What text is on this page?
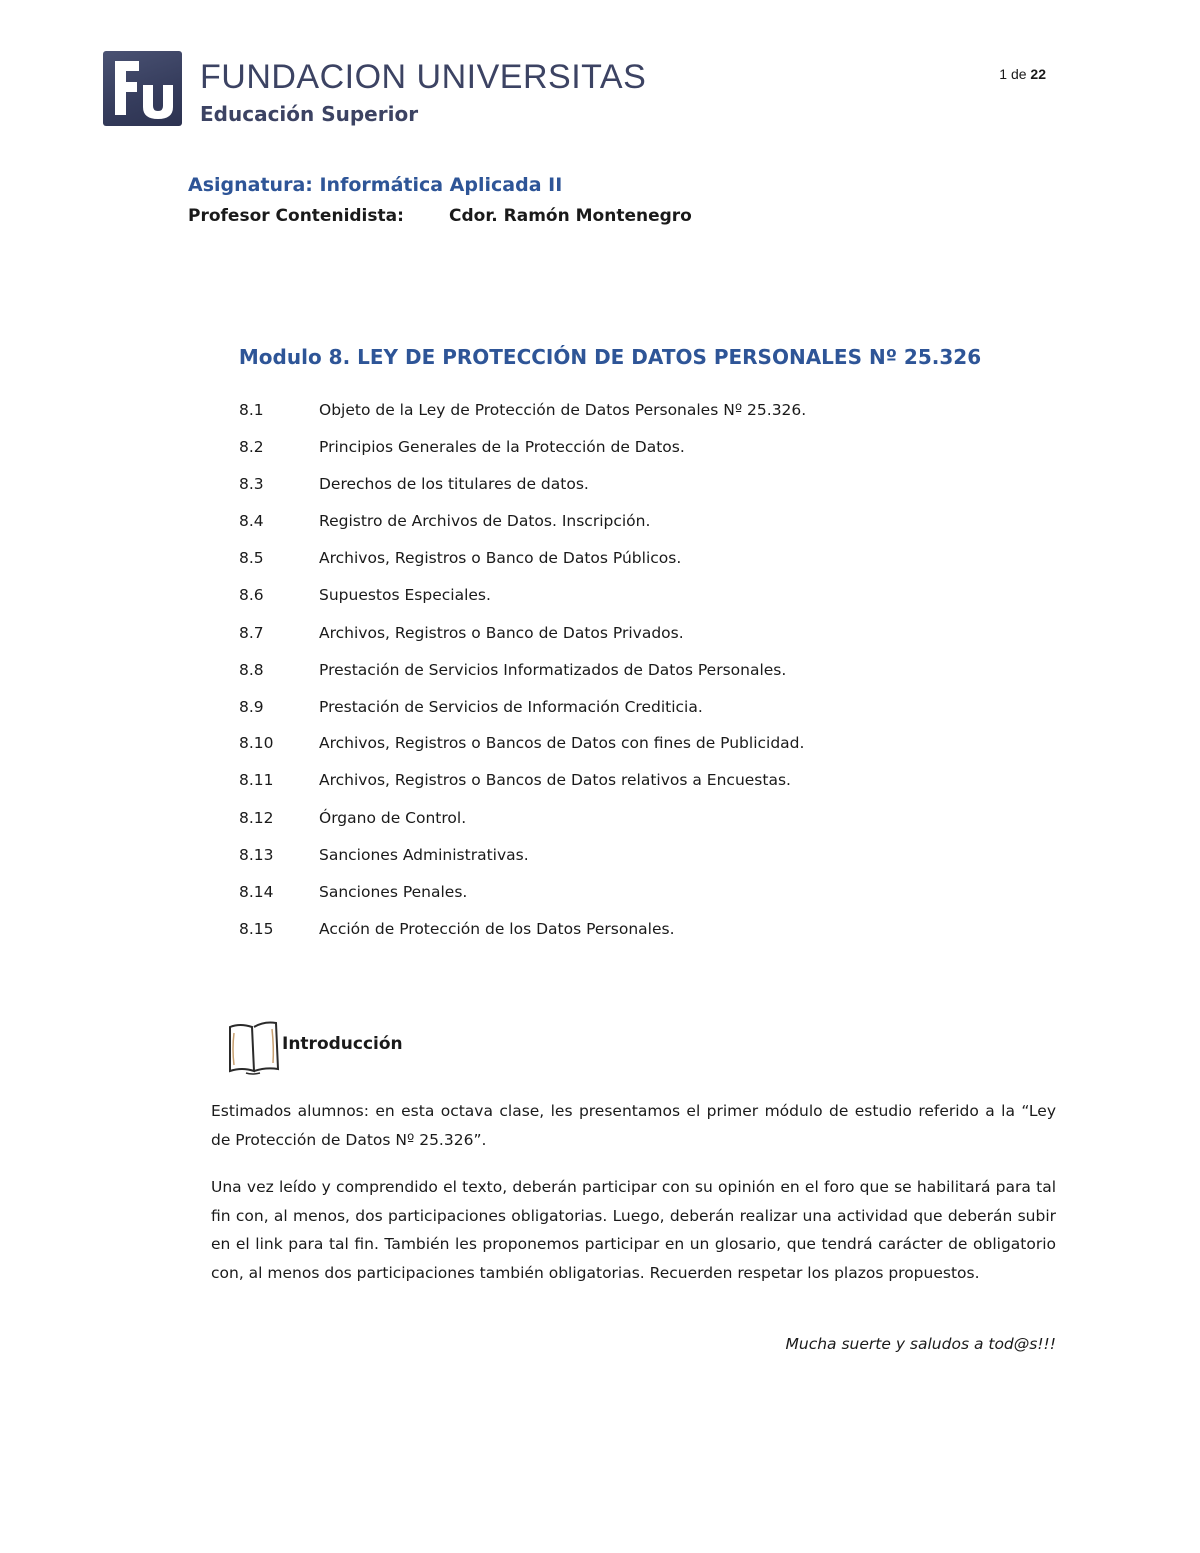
FUNDACION UNIVERSITAS
Educación Superior
1 de 22
Asignatura: Informática Aplicada II
Profesor Contenidista:	Cdor. Ramón Montenegro
Modulo 8. LEY DE PROTECCIÓN DE DATOS PERSONALES Nº 25.326
8.1	Objeto de la Ley de Protección de Datos Personales Nº 25.326.
8.2	Principios Generales de la Protección de Datos.
8.3	Derechos de los titulares de datos.
8.4	Registro de Archivos de Datos. Inscripción.
8.5	Archivos, Registros o Banco de Datos Públicos.
8.6	Supuestos Especiales.
8.7	Archivos, Registros o Banco de Datos Privados.
8.8	Prestación de Servicios Informatizados de Datos Personales.
8.9	Prestación de Servicios de Información Crediticia.
8.10	Archivos, Registros o Bancos de Datos con fines de Publicidad.
8.11	Archivos, Registros o Bancos de Datos relativos a Encuestas.
8.12	Órgano de Control.
8.13	Sanciones Administrativas.
8.14	Sanciones Penales.
8.15	Acción de Protección de los Datos Personales.
Introducción

Estimados alumnos: en esta octava clase, les presentamos el primer módulo de estudio referido a la “Ley de Protección de Datos Nº 25.326”.

Una vez leído y comprendido el texto, deberán participar con su opinión en el foro que se habilitará para tal fin con, al menos, dos participaciones obligatorias. Luego, deberán realizar una actividad que deberán subir en el link para tal fin. También les proponemos participar en un glosario, que tendrá carácter de obligatorio con, al menos dos participaciones también obligatorias. Recuerden respetar los plazos propuestos.

Mucha suerte y saludos a tod@s!!!
